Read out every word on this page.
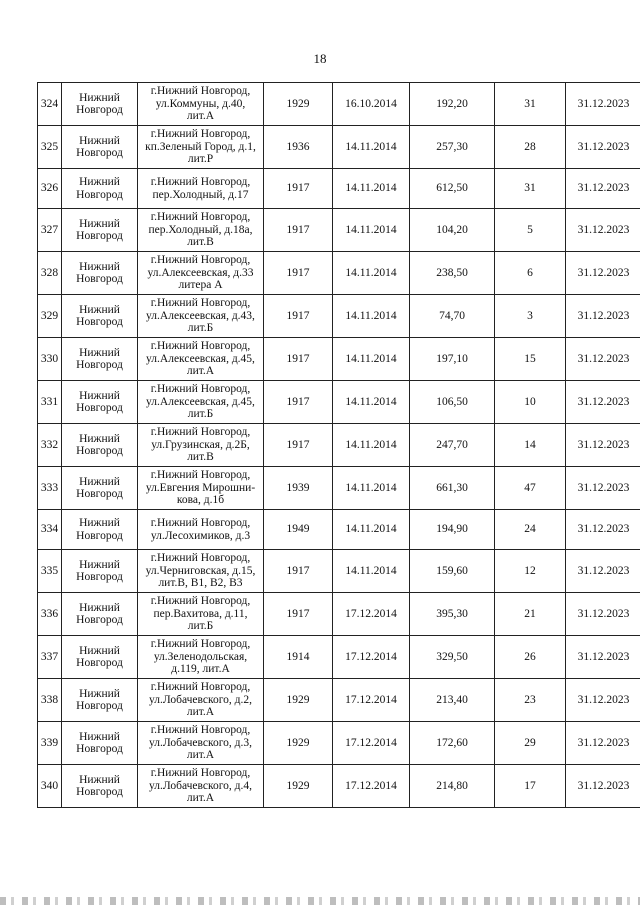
18
324	Нижний
Новгород	г.Нижний Новгород,
ул.Коммуны, д.40,
лит.А	1929	16.10.2014	192,20	31	31.12.2023
325	Нижний
Новгород	г.Нижний Новгород,
кп.Зеленый Город, д.1,
лит.Р	1936	14.11.2014	257,30	28	31.12.2023
326	Нижний
Новгород	г.Нижний Новгород,
пер.Холодный, д.17	1917	14.11.2014	612,50	31	31.12.2023
327	Нижний
Новгород	г.Нижний Новгород,
пер.Холодный, д.18а,
лит.В	1917	14.11.2014	104,20	5	31.12.2023
328	Нижний
Новгород	г.Нижний Новгород,
ул.Алексеевская, д.33
литера А	1917	14.11.2014	238,50	6	31.12.2023
329	Нижний
Новгород	г.Нижний Новгород,
ул.Алексеевская, д.43,
лит.Б	1917	14.11.2014	74,70	3	31.12.2023
330	Нижний
Новгород	г.Нижний Новгород,
ул.Алексеевская, д.45,
лит.А	1917	14.11.2014	197,10	15	31.12.2023
331	Нижний
Новгород	г.Нижний Новгород,
ул.Алексеевская, д.45,
лит.Б	1917	14.11.2014	106,50	10	31.12.2023
332	Нижний
Новгород	г.Нижний Новгород,
ул.Грузинская, д.2Б,
лит.В	1917	14.11.2014	247,70	14	31.12.2023
333	Нижний
Новгород	г.Нижний Новгород,
ул.Евгения Мирошни-
кова, д.1б	1939	14.11.2014	661,30	47	31.12.2023
334	Нижний
Новгород	г.Нижний Новгород,
ул.Лесохимиков, д.3	1949	14.11.2014	194,90	24	31.12.2023
335	Нижний
Новгород	г.Нижний Новгород,
ул.Черниговская, д.15,
лит.В, В1, В2, В3	1917	14.11.2014	159,60	12	31.12.2023
336	Нижний
Новгород	г.Нижний Новгород,
пер.Вахитова, д.11,
лит.Б	1917	17.12.2014	395,30	21	31.12.2023
337	Нижний
Новгород	г.Нижний Новгород,
ул.Зеленодольская,
д.119, лит.А	1914	17.12.2014	329,50	26	31.12.2023
338	Нижний
Новгород	г.Нижний Новгород,
ул.Лобачевского, д.2,
лит.А	1929	17.12.2014	213,40	23	31.12.2023
339	Нижний
Новгород	г.Нижний Новгород,
ул.Лобачевского, д.3,
лит.А	1929	17.12.2014	172,60	29	31.12.2023
340	Нижний
Новгород	г.Нижний Новгород,
ул.Лобачевского, д.4,
лит.А	1929	17.12.2014	214,80	17	31.12.2023
